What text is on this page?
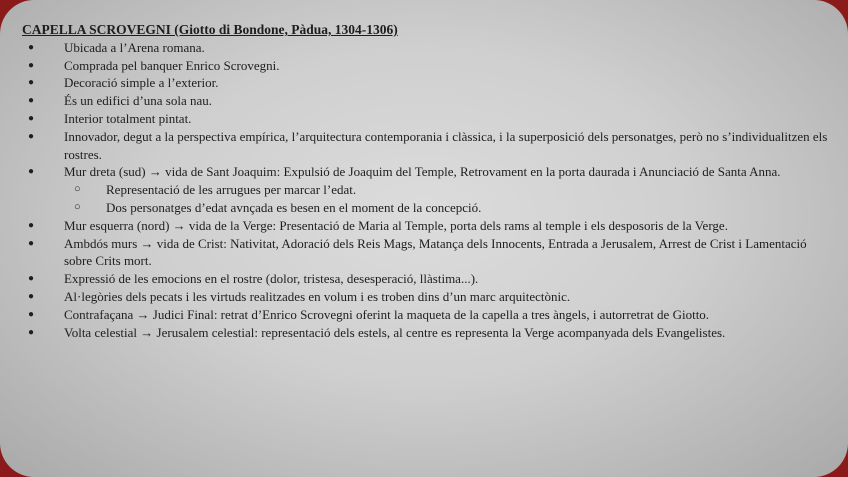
CAPELLA SCROVEGNI (Giotto di Bondone, Pàdua, 1304-1306)
● Ubicada a l’Arena romana.
● Comprada pel banquer Enrico Scrovegni.
● Decoració simple a l’exterior.
● És un edifici d’una sola nau.
● Interior totalment pintat.
● Innovador, degut a la perspectiva empírica, l’arquitectura contemporania i clàssica, i la superposició dels personatges, però no s’individualitzen els rostres.
● Mur dreta (sud) → vida de Sant Joaquim: Expulsió de Joaquim del Temple, Retrovament en la porta daurada i Anunciació de Santa Anna.
○ Representació de les arrugues per marcar l’edat.
○ Dos personatges d’edat avnçada es besen en el moment de la concepció.
● Mur esquerra (nord) → vida de la Verge: Presentació de Maria al Temple, porta dels rams al temple i els desposoris de la Verge.
● Ambdós murs → vida de Crist: Nativitat, Adoració dels Reis Mags, Matança dels Innocents, Entrada a Jerusalem, Arrest de Crist i Lamentació sobre Crits mort.
● Expressió de les emocions en el rostre (dolor, tristesa, desesperació, llàstima...).
● Al·legòries dels pecats i les virtuds realitzades en volum i es troben dins d’un marc arquitectònic.
● Contrafaçana → Judici Final: retrat d’Enrico Scrovegni oferint la maqueta de la capella a tres àngels, i autorretrat de Giotto.
● Volta celestial → Jerusalem celestial: representació dels estels, al centre es representa la Verge acompanyada dels Evangelistes.
